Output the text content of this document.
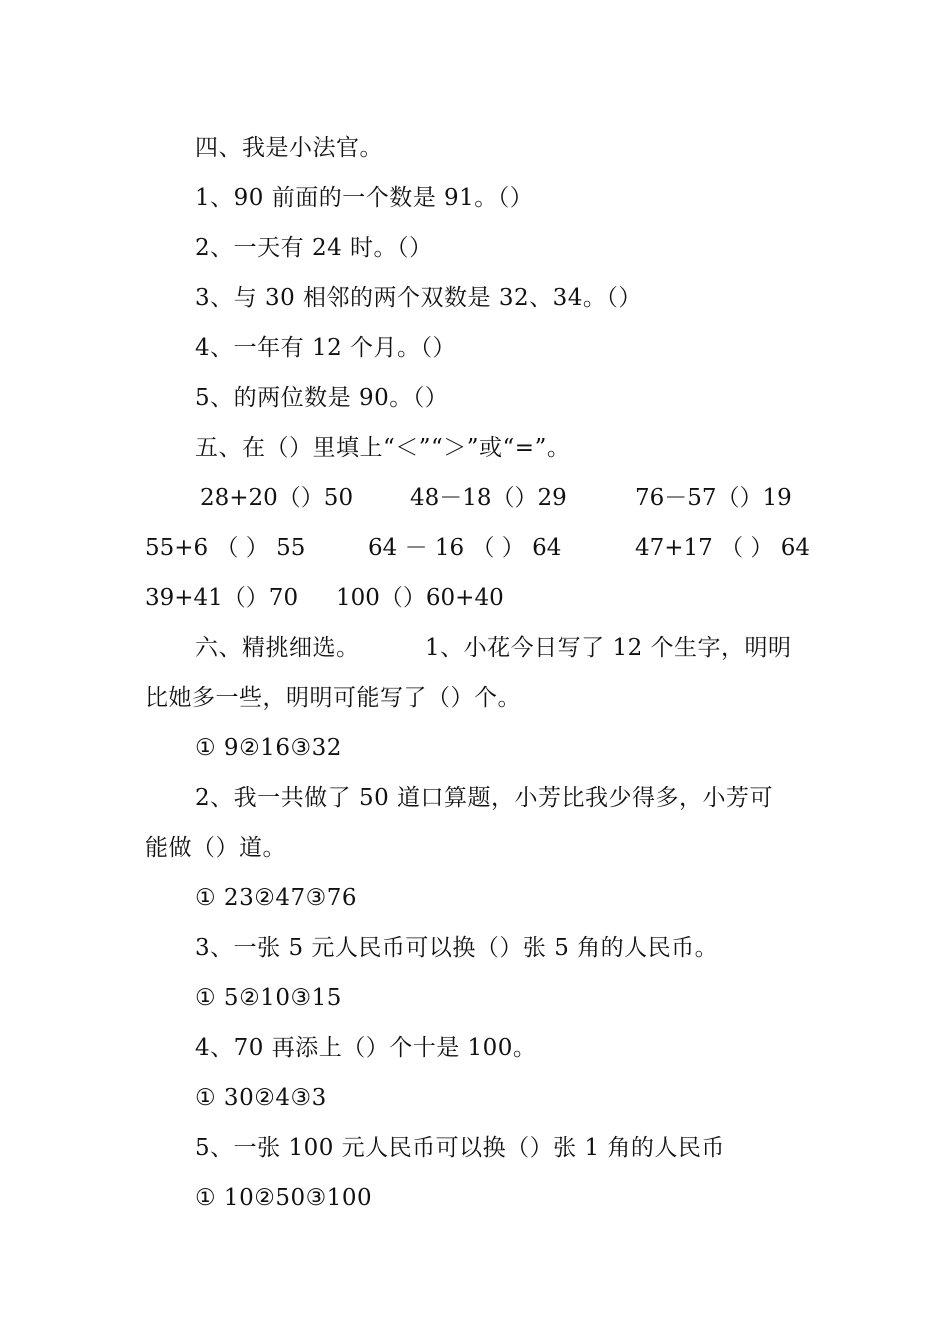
四、我是小法官。
1、90 前面的一个数是 91。（）
2、一天有 24 时。（）
3、与 30 相邻的两个双数是 32、34。（）
4、一年有 12 个月。（）
5、的两位数是 90。（）
五、在（）里填上“＜”“＞”或“=”。
28+20（）50 48－18（）29	76－57（）19
55+6 （ ） 55	64 － 16 （ ） 64	47+17 （ ） 64
39+41（）70 100（）60+40
六、精挑细选。	1、小花今日写了 12 个生字，明明
比她多一些，明明可能写了（）个。
① 9②16③32
2、我一共做了 50 道口算题，小芳比我少得多，小芳可
能做（）道。
① 23②47③76
3、一张 5 元人民币可以换（）张 5 角的人民币。
① 5②10③15
4、70 再添上（）个十是 100。
① 30②4③3
5、一张 100 元人民币可以换（）张 1 角的人民币
① 10②50③100
